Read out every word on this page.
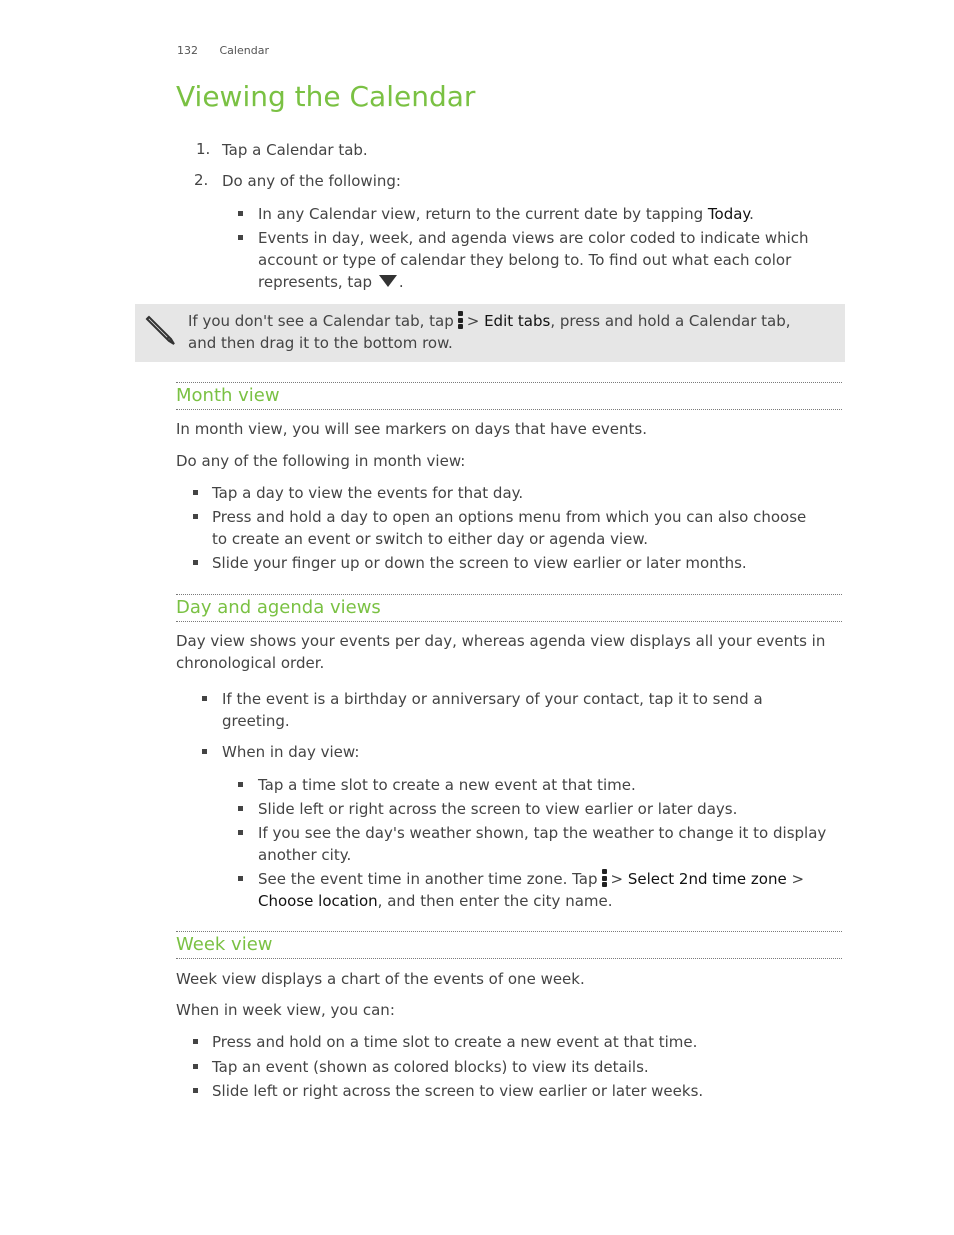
132 Calendar
Viewing the Calendar
1. Tap a Calendar tab.
2. Do any of the following:
In any Calendar view, return to the current date by tapping Today.
Events in day, week, and agenda views are color coded to indicate which
account or type of calendar they belong to. To find out what each color
represents, tap .
If you don't see a Calendar tab, tap > Edit tabs, press and hold a Calendar tab,
and then drag it to the bottom row.
Month view
In month view, you will see markers on days that have events.
Do any of the following in month view:
Tap a day to view the events for that day.
Press and hold a day to open an options menu from which you can also choose
to create an event or switch to either day or agenda view.
Slide your finger up or down the screen to view earlier or later months.
Day and agenda views
Day view shows your events per day, whereas agenda view displays all your events in
chronological order.
If the event is a birthday or anniversary of your contact, tap it to send a
greeting.
When in day view:
Tap a time slot to create a new event at that time.
Slide left or right across the screen to view earlier or later days.
If you see the day's weather shown, tap the weather to change it to display
another city.
See the event time in another time zone. Tap > Select 2nd time zone >
Choose location, and then enter the city name.
Week view
Week view displays a chart of the events of one week.
When in week view, you can:
Press and hold on a time slot to create a new event at that time.
Tap an event (shown as colored blocks) to view its details.
Slide left or right across the screen to view earlier or later weeks.
